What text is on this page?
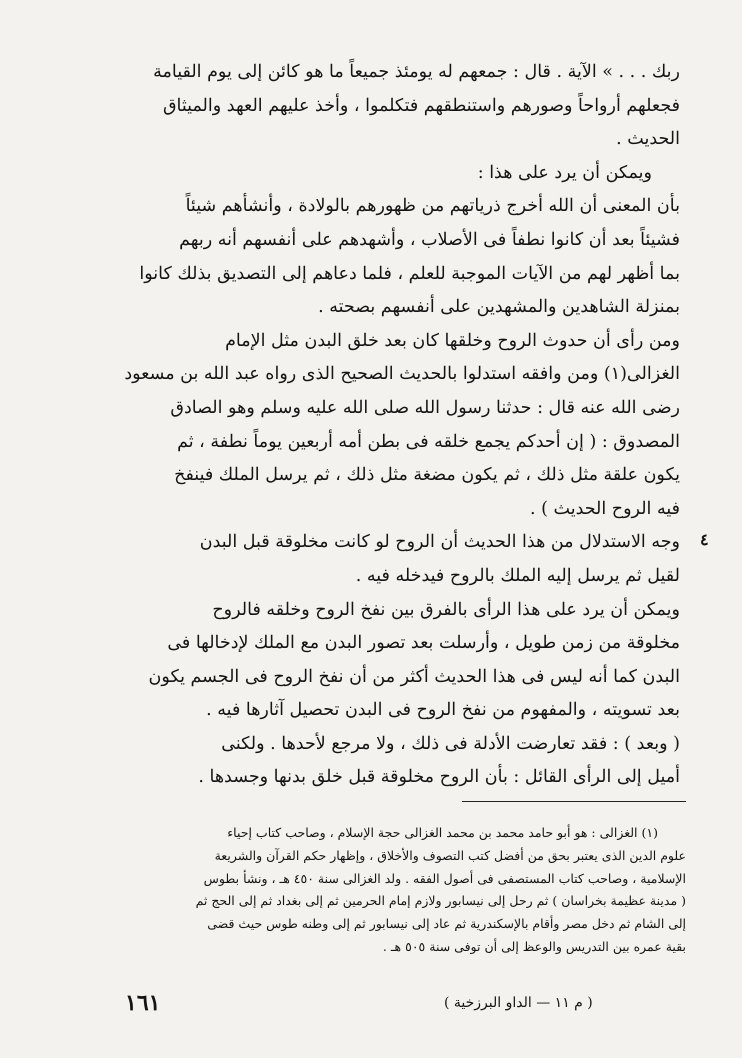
ربك . . . » الآية . قال : جمعهم له يومئذ جميعاً ما هو كائن إلى يوم القيامة

فجعلهم أرواحاً وصورهم واستنطقهم فتكلموا ، وأخذ عليهم العهد والميثاق

الحديث .

ويمكن أن يرد على هذا :

بأن المعنى أن الله أخرج ذرياتهم من ظهورهم بالولادة ، وأنشأهم شيئاً

فشيئاً بعد أن كانوا نطفاً فى الأصلاب ، وأشهدهم على أنفسهم أنه ربهم

بما أظهر لهم من الآيات الموجبة للعلم ، فلما دعاهم إلى التصديق بذلك كانوا

بمنزلة الشاهدين والمشهدين على أنفسهم بصحته .

ومن رأى أن حدوث الروح وخلقها كان بعد خلق البدن مثل الإمام

الغزالى(١) ومن وافقه استدلوا بالحديث الصحيح الذى رواه عبد الله بن مسعود

رضى الله عنه قال : حدثنا رسول الله صلى الله عليه وسلم وهو الصادق

المصدوق : ( إن أحدكم يجمع خلقه فى بطن أمه أربعين يوماً نطفة ، ثم

يكون علقة مثل ذلك ، ثم يكون مضغة مثل ذلك ، ثم يرسل الملك فينفخ

فيه الروح الحديث ) .

وجه الاستدلال من هذا الحديث أن الروح لو كانت مخلوقة قبل البدن

لقيل ثم يرسل إليه الملك بالروح فيدخله فيه .

ويمكن أن يرد على هذا الرأى بالفرق بين نفخ الروح وخلقه فالروح

مخلوقة من زمن طويل ، وأرسلت بعد تصور البدن مع الملك لإدخالها فى

البدن كما أنه ليس فى هذا الحديث أكثر من أن نفخ الروح فى الجسم يكون

بعد تسويته ، والمفهوم من نفخ الروح فى البدن تحصيل آثارها فيه .

( وبعد ) : فقد تعارضت الأدلة فى ذلك ، ولا مرجع لأحدها . ولكنى

أميل إلى الرأى القائل : بأن الروح مخلوقة قبل خلق بدنها وجسدها .

٤

(١) الغزالى : هو أبو حامد محمد بن محمد الغزالى حجة الإسلام ، وصاحب كتاب إحياء

علوم الدين الذى يعتبر بحق من أفضل كتب التصوف والأخلاق ، وإظهار حكم القرآن والشريعة

الإسلامية ، وصاحب كتاب المستصفى فى أصول الفقه . ولد الغزالى سنة ٤٥٠ هـ ، ونشأ بطوس

( مدينة عظيمة بخراسان ) ثم رحل إلى نيسابور ولازم إمام الحرمين ثم إلى بغداد ثم إلى الحج ثم

إلى الشام ثم دخل مصر وأقام بالإسكندرية ثم عاد إلى نيسابور ثم إلى وطنه طوس حيث قضى

بقية عمره بين التدريس والوعظ إلى أن توفى سنة ٥٠٥ هـ .

١٦١	( م ١١ — الداو البرزخية )
